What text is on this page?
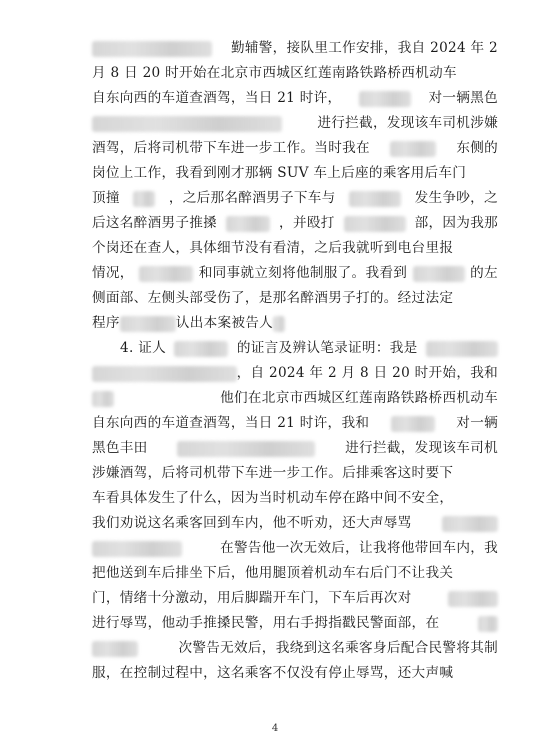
勤辅警，接队里工作安排，我自 2024 年 2
月 8 日 20 时开始在北京市西城区红莲南路铁路桥西机动车
自东向西的车道查酒驾，当日 21 时许，	对一辆黑色
进行拦截，发现该车司机涉嫌
酒驾，后将司机带下车进一步工作。当时我在	东侧的
岗位上工作，我看到刚才那辆 SUV 车上后座的乘客用后车门
顶撞	，之后那名醉酒男子下车与	发生争吵，之
后这名醉酒男子推搡	，并殴打	部，因为我那
个岗还在查人，具体细节没有看清，之后我就听到电台里报
情况，	和同事就立刻将他制服了。我看到	的左
侧面部、左侧头部受伤了，是那名醉酒男子打的。经过法定
程序	认出本案被告人
4. 证人	的证言及辨认笔录证明：我是
，自 2024 年 2 月 8 日 20 时开始，我和
他们在北京市西城区红莲南路铁路桥西机动车
自东向西的车道查酒驾，当日 21 时许，我和	对一辆
黑色丰田	进行拦截，发现该车司机
涉嫌酒驾，后将司机带下车进一步工作。后排乘客这时要下
车看具体发生了什么，因为当时机动车停在路中间不安全，
我们劝说这名乘客回到车内，他不听劝，还大声辱骂
在警告他一次无效后，让我将他带回车内，我
把他送到车后排坐下后，他用腿顶着机动车右后门不让我关
门，情绪十分激动，用后脚踹开车门，下车后再次对
进行辱骂，他动手推搡民警，用右手拇指戳民警面部，在
次警告无效后，我绕到这名乘客身后配合民警将其制
服，在控制过程中，这名乘客不仅没有停止辱骂，还大声喊
4
